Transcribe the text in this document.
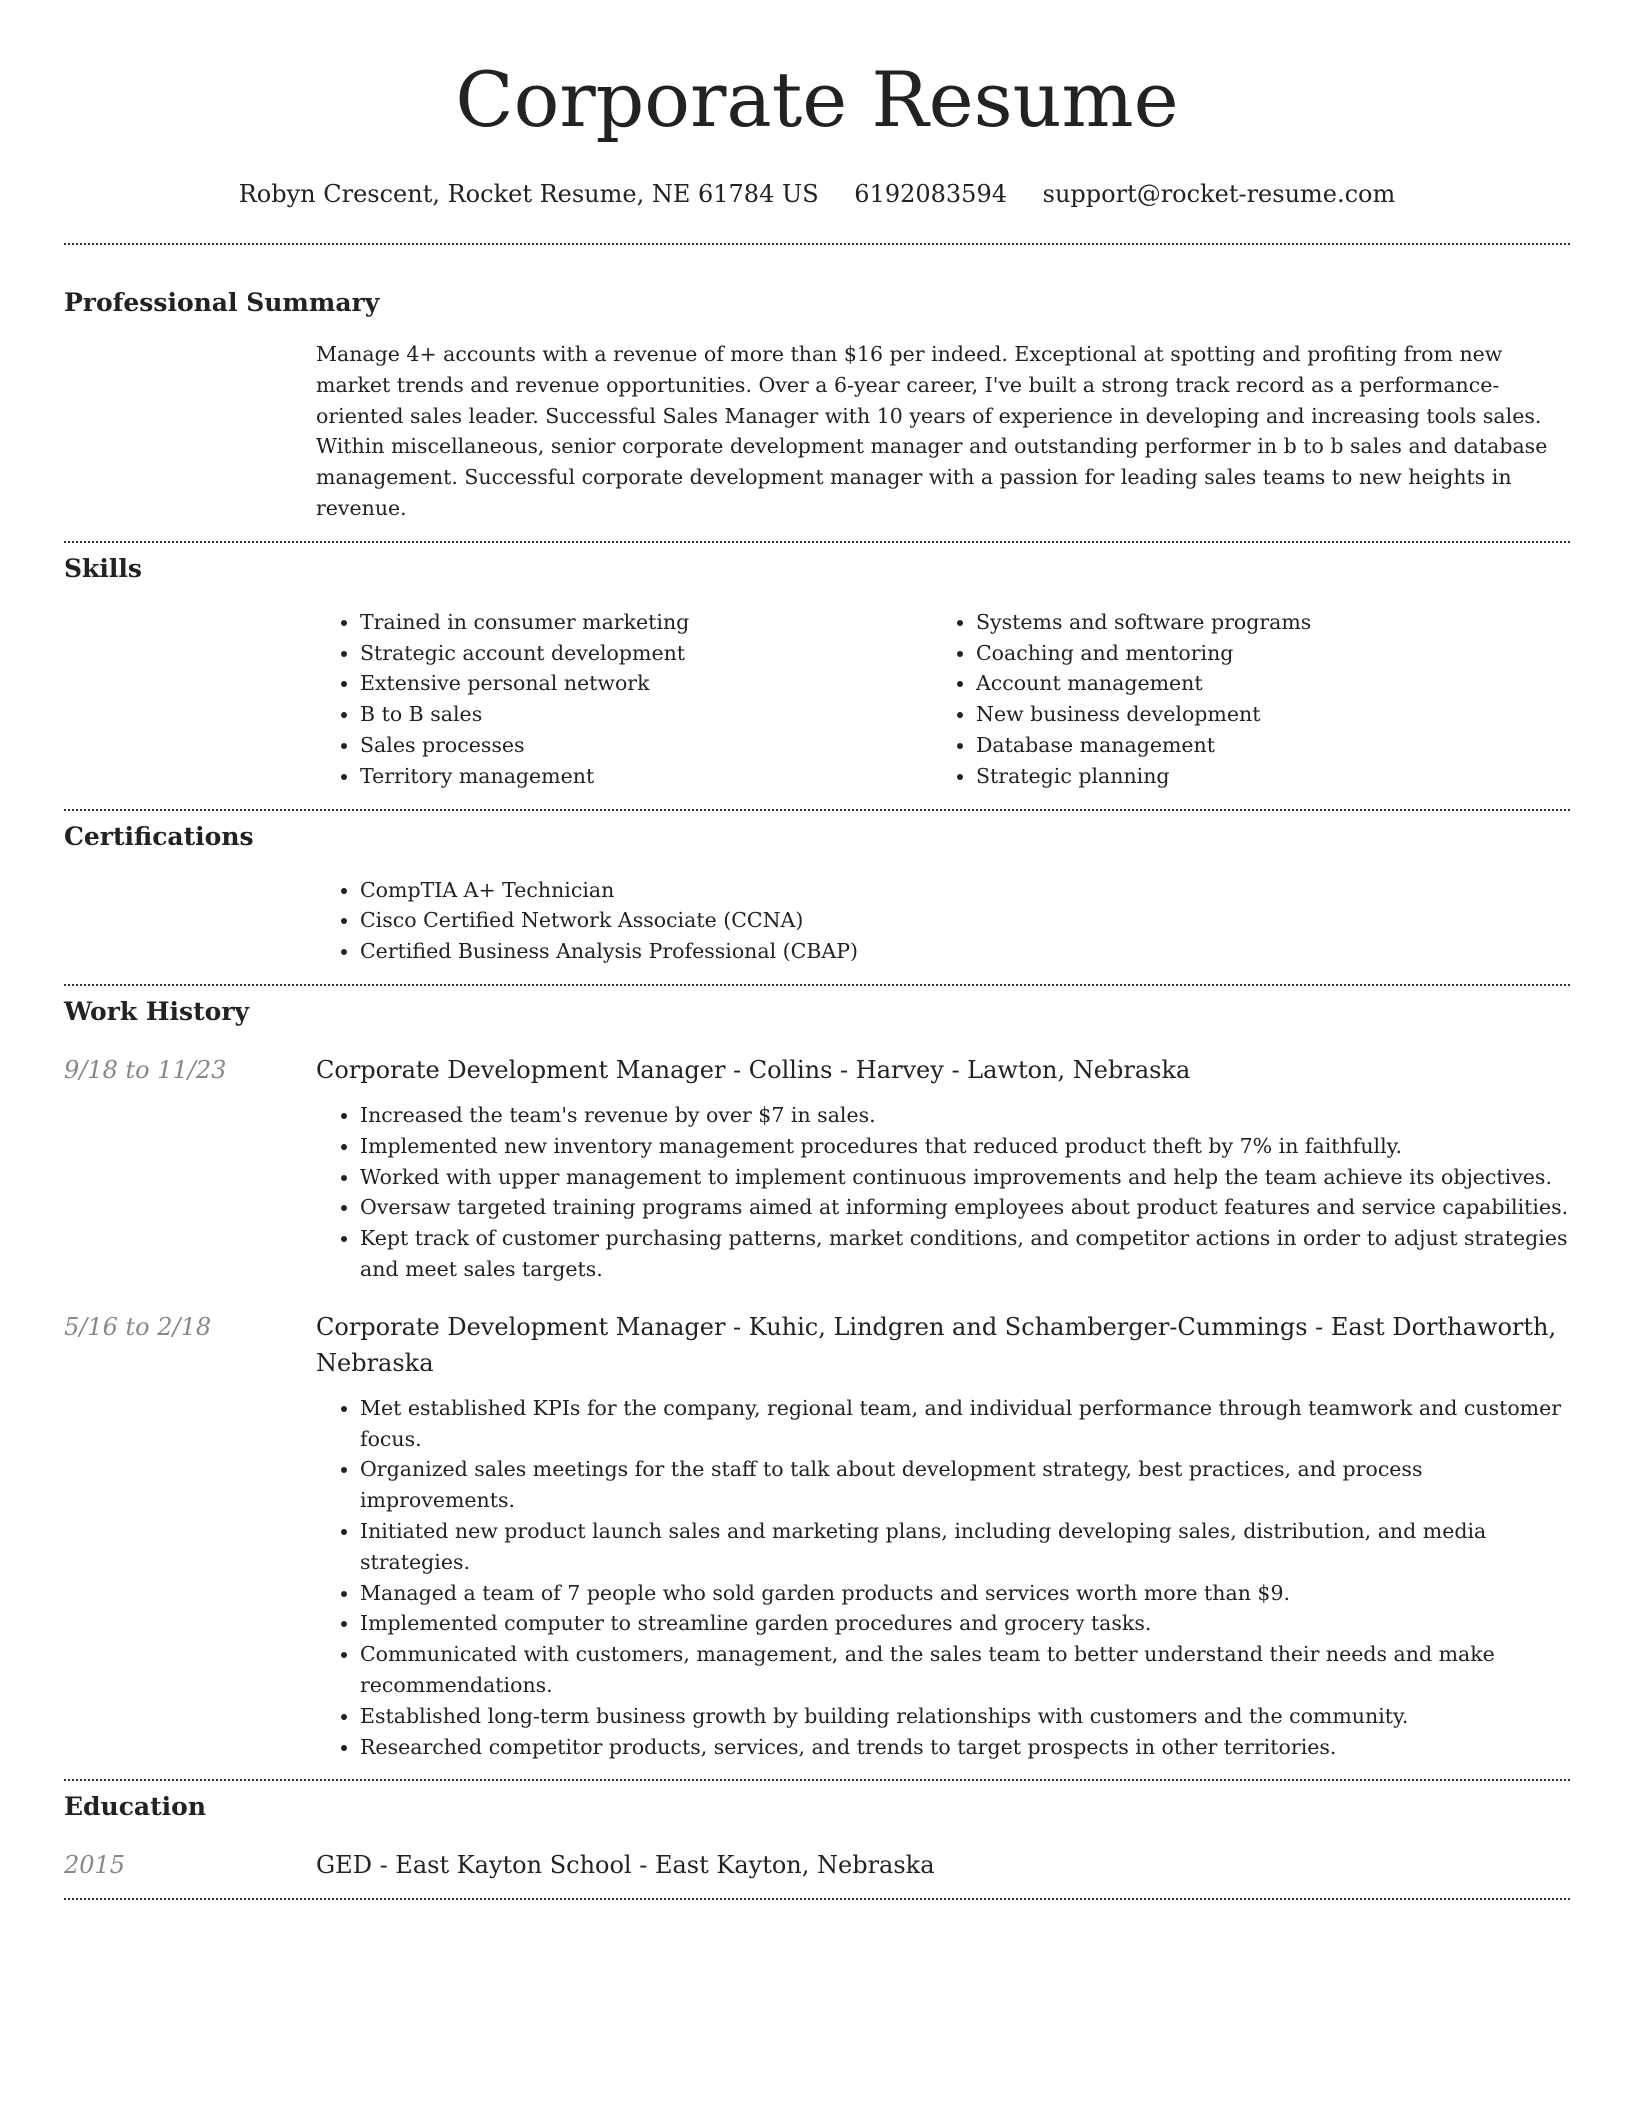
Corporate Resume
Robyn Crescent, Rocket Resume, NE 61784 US 6192083594 support@rocket-resume.com
Professional Summary
Manage 4+ accounts with a revenue of more than $16 per indeed. Exceptional at spotting and profiting from new market trends and revenue opportunities. Over a 6-year career, I've built a strong track record as a performance-oriented sales leader. Successful Sales Manager with 10 years of experience in developing and increasing tools sales. Within miscellaneous, senior corporate development manager and outstanding performer in b to b sales and database management. Successful corporate development manager with a passion for leading sales teams to new heights in revenue.
Skills
• Trained in consumer marketing
• Strategic account development
• Extensive personal network
• B to B sales
• Sales processes
• Territory management
• Systems and software programs
• Coaching and mentoring
• Account management
• New business development
• Database management
• Strategic planning
Certifications
• CompTIA A+ Technician
• Cisco Certified Network Associate (CCNA)
• Certified Business Analysis Professional (CBAP)
Work History
9/18 to 11/23	Corporate Development Manager - Collins - Harvey - Lawton, Nebraska
• Increased the team's revenue by over $7 in sales.
• Implemented new inventory management procedures that reduced product theft by 7% in faithfully.
• Worked with upper management to implement continuous improvements and help the team achieve its objectives.
• Oversaw targeted training programs aimed at informing employees about product features and service capabilities.
• Kept track of customer purchasing patterns, market conditions, and competitor actions in order to adjust strategies and meet sales targets.
5/16 to 2/18	Corporate Development Manager - Kuhic, Lindgren and Schamberger-Cummings - East Dorthaworth, Nebraska
• Met established KPIs for the company, regional team, and individual performance through teamwork and customer focus.
• Organized sales meetings for the staff to talk about development strategy, best practices, and process improvements.
• Initiated new product launch sales and marketing plans, including developing sales, distribution, and media strategies.
• Managed a team of 7 people who sold garden products and services worth more than $9.
• Implemented computer to streamline garden procedures and grocery tasks.
• Communicated with customers, management, and the sales team to better understand their needs and make recommendations.
• Established long-term business growth by building relationships with customers and the community.
• Researched competitor products, services, and trends to target prospects in other territories.
Education
2015	GED - East Kayton School - East Kayton, Nebraska
